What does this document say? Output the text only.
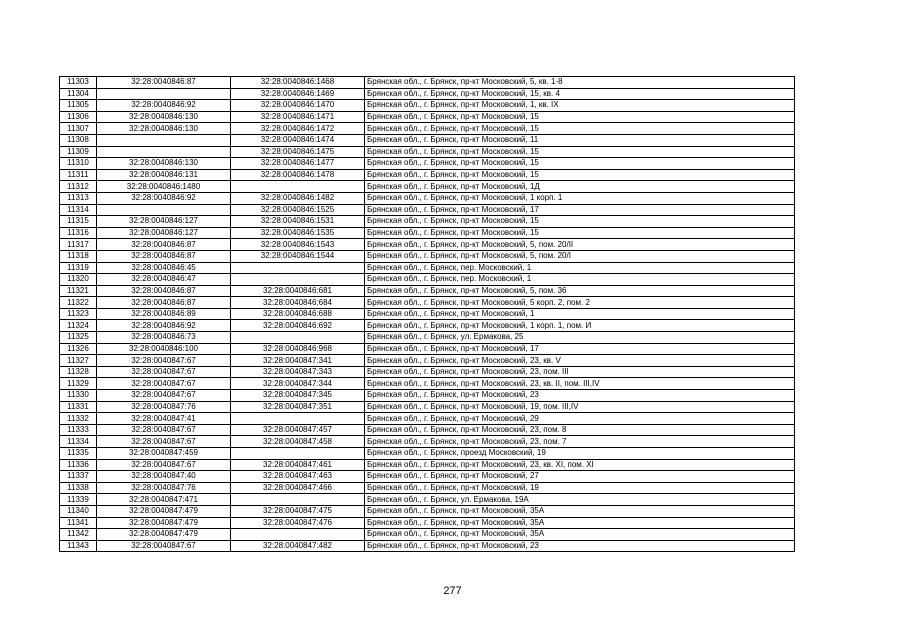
11303	32:28:0040846:87	32:28:0040846:1468	Брянская обл., г. Брянск, пр-кт Московский, 5, кв. 1-8
11304		32:28:0040846:1469	Брянская обл., г. Брянск, пр-кт Московский, 15, кв. 4
11305	32:28:0040846:92	32:28:0040846:1470	Брянская обл., г. Брянск, пр-кт Московский, 1, кв. IX
11306	32:28:0040846:130	32:28:0040846:1471	Брянская обл., г. Брянск, пр-кт Московский, 15
11307	32:28:0040846:130	32:28:0040846:1472	Брянская обл., г. Брянск, пр-кт Московский, 15
11308		32:28:0040846:1474	Брянская обл., г. Брянск, пр-кт Московский, 11
11309		32:28:0040846:1475	Брянская обл., г. Брянск, пр-кт Московский, 15
11310	32:28:0040846:130	32:28:0040846:1477	Брянская обл., г. Брянск, пр-кт Московский, 15
11311	32:28:0040846:131	32:28:0040846:1478	Брянская обл., г. Брянск, пр-кт Московский, 15
11312	32:28:0040846:1480		Брянская обл., г. Брянск, пр-кт Московский, 1Д
11313	32:28:0040846:92	32:28:0040846:1482	Брянская обл., г. Брянск, пр-кт Московский, 1 корп. 1
11314		32:28:0040846:1525	Брянская обл., г. Брянск, пр-кт Московский, 17
11315	32:28:0040846:127	32:28:0040846:1531	Брянская обл., г. Брянск, пр-кт Московский, 15
11316	32:28:0040846:127	32:28:0040846:1535	Брянская обл., г. Брянск, пр-кт Московский, 15
11317	32:28:0040846:87	32:28:0040846:1543	Брянская обл., г. Брянск, пр-кт Московский, 5, пом. 20/II
11318	32:28:0040846:87	32:28:0040846:1544	Брянская обл., г. Брянск, пр-кт Московский, 5, пом. 20/I
11319	32:28:0040846:45		Брянская обл., г. Брянск, пер. Московский, 1
11320	32:28:0040846:47		Брянская обл., г. Брянск, пер. Московский, 1
11321	32:28:0040846:87	32:28:0040846:681	Брянская обл., г. Брянск, пр-кт Московский, 5, пом. 36
11322	32:28:0040846:87	32:28:0040846:684	Брянская обл., г. Брянск, пр-кт Московский, 5 корп. 2, пом. 2
11323	32:28:0040846:89	32:28:0040846:688	Брянская обл., г. Брянск, пр-кт Московский, 1
11324	32:28:0040846:92	32:28:0040846:692	Брянская обл., г. Брянск, пр-кт Московский, 1 корп. 1, пом. И
11325	32:28:0040846:73		Брянская обл., г. Брянск, ул. Ермакова, 25
11326	32:28:0040846:100	32:28:0040846:968	Брянская обл., г. Брянск, пр-кт Московский, 17
11327	32:28:0040847:67	32:28:0040847:341	Брянская обл., г. Брянск, пр-кт Московский, 23, кв. V
11328	32:28:0040847:67	32:28:0040847:343	Брянская обл., г. Брянск, пр-кт Московский, 23, пом. III
11329	32:28:0040847:67	32:28:0040847:344	Брянская обл., г. Брянск, пр-кт Московский, 23, кв. II, пом. III,IV
11330	32:28:0040847:67	32:28:0040847:345	Брянская обл., г. Брянск, пр-кт Московский, 23
11331	32:28:0040847:76	32:28:0040847:351	Брянская обл., г. Брянск, пр-кт Московский, 19, пом. III,IV
11332	32:28:0040847:41		Брянская обл., г. Брянск, пр-кт Московский, 29
11333	32:28:0040847:67	32:28:0040847:457	Брянская обл., г. Брянск, пр-кт Московский, 23, пом. 8
11334	32:28:0040847:67	32:28:0040847:458	Брянская обл., г. Брянск, пр-кт Московский, 23, пом. 7
11335	32:28:0040847:459		Брянская обл., г. Брянск, проезд Московский, 19
11336	32:28:0040847:67	32:28:0040847:461	Брянская обл., г. Брянск, пр-кт Московский, 23, кв. XI, пом. XI
11337	32:28:0040847:40	32:28:0040847:463	Брянская обл., г. Брянск, пр-кт Московский, 27
11338	32:28:0040847:76	32:28:0040847:466	Брянская обл., г. Брянск, пр-кт Московский, 19
11339	32:28:0040847:471		Брянская обл., г. Брянск, ул. Ермакова, 19А
11340	32:28:0040847:479	32:28:0040847:475	Брянская обл., г. Брянск, пр-кт Московский, 35А
11341	32:28:0040847:479	32:28:0040847:476	Брянская обл., г. Брянск, пр-кт Московский, 35А
11342	32:28:0040847:479		Брянская обл., г. Брянск, пр-кт Московский, 35А
11343	32:28:0040847:67	32:28:0040847:482	Брянская обл., г. Брянск, пр-кт Московский, 23
277
